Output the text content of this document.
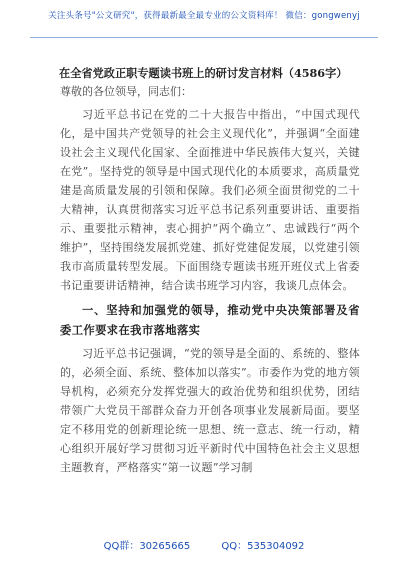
关注头条号"公文研究"，获得最新最全最专业的公文资料库！ 微信：gongwenyj

在全省党政正职专题读书班上的研讨发言材料（4586字）

尊敬的各位领导，同志们：

习近平总书记在党的二十大报告中指出，“中国式现代化，是中国共产党领导的社会主义现代化”，并强调“全面建设社会主义现代化国家、全面推进中华民族伟大复兴，关键在党”。坚持党的领导是中国式现代化的本质要求，高质量党建是高质量发展的引领和保障。我们必须全面贯彻党的二十大精神，认真贯彻落实习近平总书记系列重要讲话、重要指示、重要批示精神，衷心拥护“两个确立”、忠诚践行“两个维护”，坚持围绕发展抓党建、抓好党建促发展，以党建引领我市高质量转型发展。下面围绕专题读书班开班仪式上省委书记重要讲话精神，结合读书班学习内容，我谈几点体会。

一、坚持和加强党的领导，推动党中央决策部署及省委工作要求在我市落地落实

习近平总书记强调，“党的领导是全面的、系统的、整体的，必须全面、系统、整体加以落实”。市委作为党的地方领导机构，必须充分发挥党强大的政治优势和组织优势，团结带领广大党员干部群众奋力开创各项事业发展新局面。要坚定不移用党的创新理论统一思想、统一意志、统一行动，精心组织开展好学习贯彻习近平新时代中国特色社会主义思想主题教育，严格落实“第一议题”学习制

QQ群：30265665	QQ：535304092
